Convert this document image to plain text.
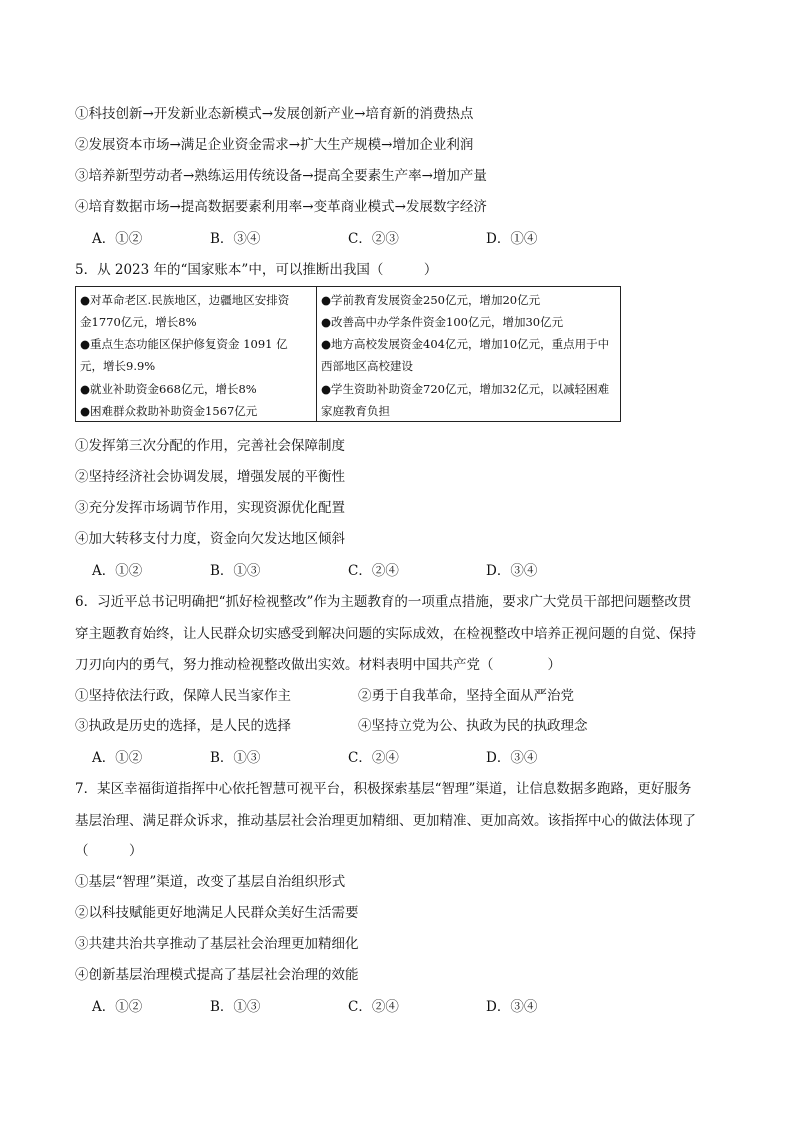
①科技创新→开发新业态新模式→发展创新产业→培育新的消费热点
②发展资本市场→满足企业资金需求→扩大生产规模→增加企业利润
③培养新型劳动者→熟练运用传统设备→提高全要素生产率→增加产量
④培育数据市场→提高数据要素利用率→变革商业模式→发展数字经济
A．①②	B．③④	C．②③	D．①④
5．从 2023 年的“国家账本”中，可以推断出我国（　　　）
●对革命老区.民族地区，边疆地区安排资
金1770亿元，增长8%
●重点生态功能区保护修复资金 1091 亿
元，增长9.9%
●就业补助资金668亿元，增长8%
●困难群众救助补助资金1567亿元
●学前教育发展资金250亿元，增加20亿元
●改善高中办学条件资金100亿元，增加30亿元
●地方高校发展资金404亿元，增加10亿元，重点用于中
西部地区高校建设
●学生资助补助资金720亿元，增加32亿元，以减轻困难
家庭教育负担
①发挥第三次分配的作用，完善社会保障制度
②坚持经济社会协调发展，增强发展的平衡性
③充分发挥市场调节作用，实现资源优化配置
④加大转移支付力度，资金向欠发达地区倾斜
A．①②	B．①③	C．②④	D．③④
6．习近平总书记明确把“抓好检视整改”作为主题教育的一项重点措施，要求广大党员干部把问题整改贯
穿主题教育始终，让人民群众切实感受到解决问题的实际成效，在检视整改中培养正视问题的自觉、保持
刀刃向内的勇气，努力推动检视整改做出实效。材料表明中国共产党（　　　　）
①坚持依法行政，保障人民当家作主	②勇于自我革命，坚持全面从严治党
③执政是历史的选择，是人民的选择	④坚持立党为公、执政为民的执政理念
A．①②	B．①③	C．②④	D．③④
7．某区幸福街道指挥中心依托智慧可视平台，积极探索基层“智理”渠道，让信息数据多跑路，更好服务
基层治理、满足群众诉求，推动基层社会治理更加精细、更加精准、更加高效。该指挥中心的做法体现了
（　　　）
①基层“智理”渠道，改变了基层自治组织形式
②以科技赋能更好地满足人民群众美好生活需要
③共建共治共享推动了基层社会治理更加精细化
④创新基层治理模式提高了基层社会治理的效能
A．①②	B．①③	C．②④	D．③④
